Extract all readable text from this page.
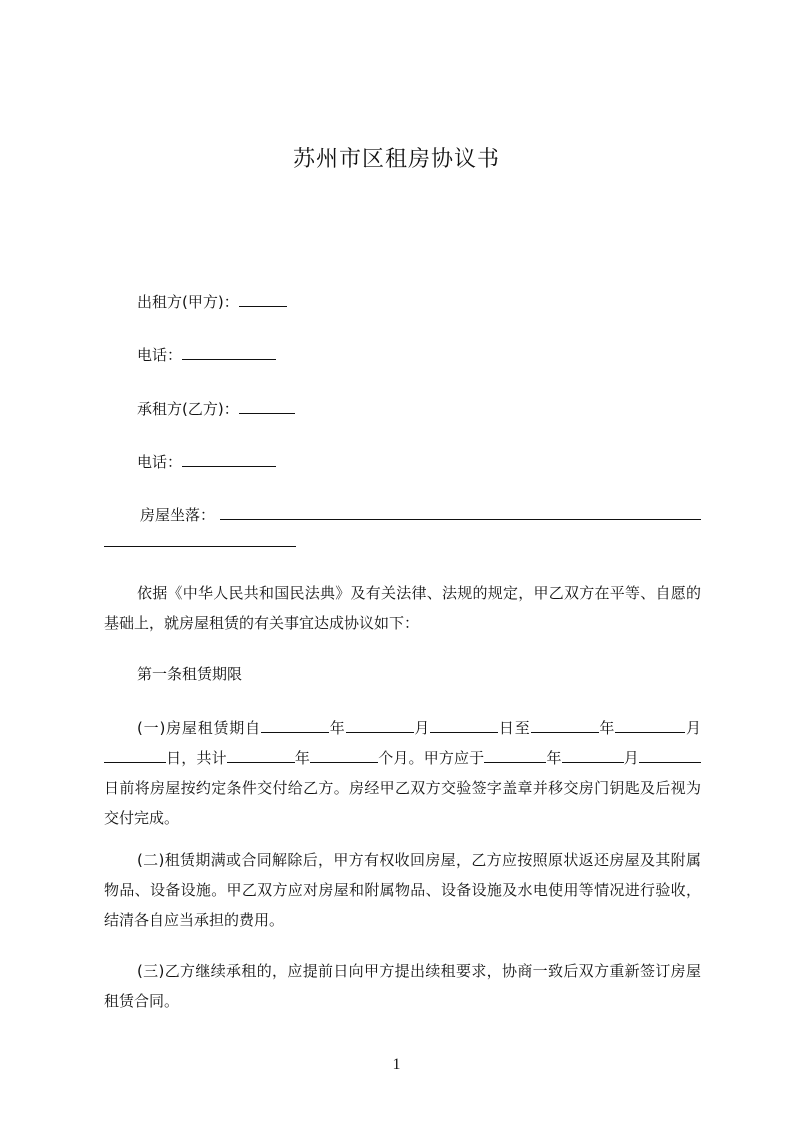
苏州市区租房协议书
出租方(甲方)：
电话：
承租方(乙方)：
电话：
房屋坐落：

依据《中华人民共和国民法典》及有关法律、法规的规定，甲乙双方在平等、自愿的基础上，就房屋租赁的有关事宜达成协议如下：

第一条租赁期限

(一)房屋租赁期自	年	月	日至	年	月日，共计	年	个月。甲方应于	年	月日前将房屋按约定条件交付给乙方。房经甲乙双方交验签字盖章并移交房门钥匙及后视为交付完成。

(二)租赁期满或合同解除后，甲方有权收回房屋，乙方应按照原状返还房屋及其附属物品、设备设施。甲乙双方应对房屋和附属物品、设备设施及水电使用等情况进行验收，结清各自应当承担的费用。

(三)乙方继续承租的，应提前日向甲方提出续租要求，协商一致后双方重新签订房屋租赁合同。

1
